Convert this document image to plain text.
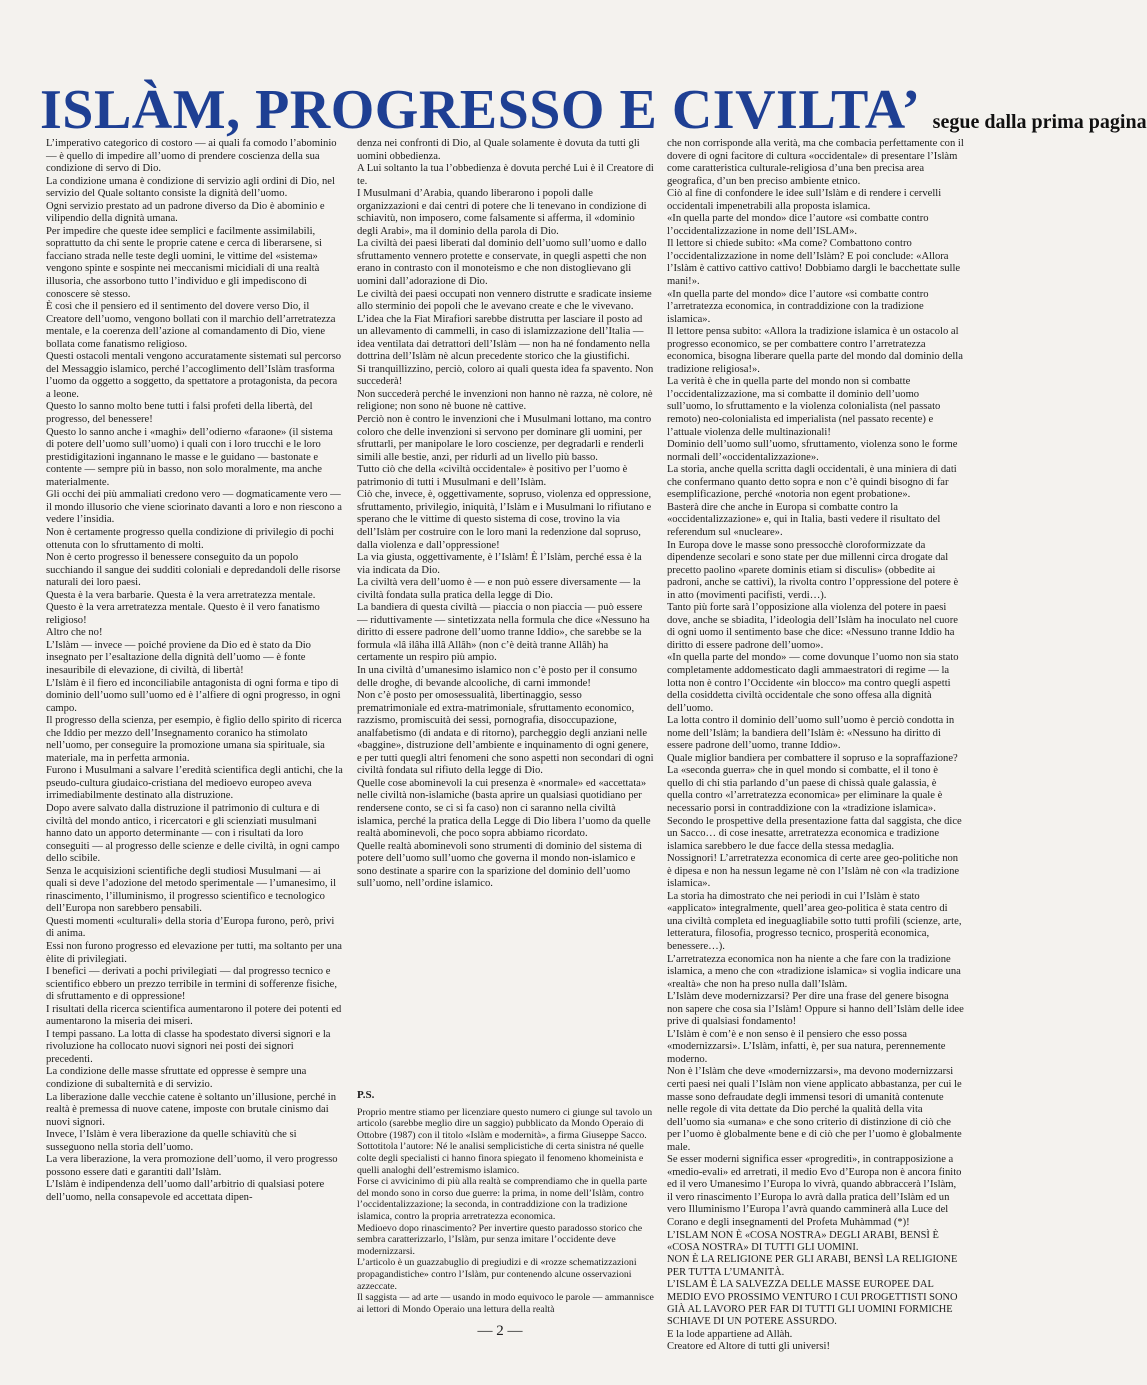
ISLÀM, PROGRESSO E CIVILTA’ segue dalla prima pagina

L’imperativo categorico di costoro — ai quali fa comodo l’abominio — è quello di impedire all’uomo di prendere coscienza della sua condizione di servo di Dio.

La condizione umana è condizione di servizio agli ordini di Dio, nel servizio del Quale soltanto consiste la dignità dell’uomo.

Ogni servizio prestato ad un padrone diverso da Dio è abominio e vilipendio della dignità umana.

Per impedire che queste idee semplici e facilmente assimilabili, soprattutto da chi sente le proprie catene e cerca di liberarsene, si facciano strada nelle teste degli uomini, le vittime del «sistema» vengono spinte e sospinte nei meccanismi micidiali di una realtà illusoria, che assorbono tutto l’individuo e gli impediscono di conoscere sè stesso.

È così che il pensiero ed il sentimento del dovere verso Dio, il Creatore dell’uomo, vengono bollati con il marchio dell’arretratezza mentale, e la coerenza dell’azione al comandamento di Dio, viene bollata come fanatismo religioso.

Questi ostacoli mentali vengono accuratamente sistemati sul percorso del Messaggio islamico, perché l’accoglimento dell’Islàm trasforma l’uomo da oggetto a soggetto, da spettatore a protagonista, da pecora a leone.

Questo lo sanno molto bene tutti i falsi profeti della libertà, del progresso, del benessere!

Questo lo sanno anche i «maghi» dell’odierno «faraone» (il sistema di potere dell’uomo sull’uomo) i quali con i loro trucchi e le loro prestidigitazioni ingannano le masse e le guidano — bastonate e contente — sempre più in basso, non solo moralmente, ma anche materialmente.

Gli occhi dei più ammaliati credono vero — dogmaticamente vero — il mondo illusorio che viene sciorinato davanti a loro e non riescono a vedere l’insidia.

Non è certamente progresso quella condizione di privilegio di pochi ottenuta con lo sfruttamento di molti.

Non è certo progresso il benessere conseguito da un popolo succhiando il sangue dei sudditi coloniali e depredandoli delle risorse naturali dei loro paesi.

Questa è la vera barbarie. Questa è la vera arretratezza mentale. Questo è la vera arretratezza mentale. Questo è il vero fanatismo religioso!

Altro che no!

L’Islàm — invece — poiché proviene da Dio ed è stato da Dio insegnato per l’esaltazione della dignità dell’uomo — è fonte inesauribile di elevazione, di civiltà, di libertà!

L’Islàm è il fiero ed inconciliabile antagonista di ogni forma e tipo di dominio dell’uomo sull’uomo ed è l’alfiere di ogni progresso, in ogni campo.

Il progresso della scienza, per esempio, è figlio dello spirito di ricerca che Iddio per mezzo dell’Insegnamento coranico ha stimolato nell’uomo, per conseguire la promozione umana sia spirituale, sia materiale, ma in perfetta armonia.

Furono i Musulmani a salvare l’eredità scientifica degli antichi, che la pseudo-cultura giudaico-cristiana del medioevo europeo aveva irrimediabilmente destinato alla distruzione.

Dopo avere salvato dalla distruzione il patrimonio di cultura e di civiltà del mondo antico, i ricercatori e gli scienziati musulmani hanno dato un apporto determinante — con i risultati da loro conseguiti — al progresso delle scienze e delle civiltà, in ogni campo dello scibile.

Senza le acquisizioni scientifiche degli studiosi Musulmani — ai quali si deve l’adozione del metodo sperimentale — l’umanesimo, il rinascimento, l’illuminismo, il progresso scientifico e tecnologico dell’Europa non sarebbero pensabili.

Questi momenti «culturali» della storia d’Europa furono, però, privi di anima.

Essi non furono progresso ed elevazione per tutti, ma soltanto per una èlite di privilegiati.

I benefici — derivati a pochi privilegiati — dal progresso tecnico e scientifico ebbero un prezzo terribile in termini di sofferenze fisiche, di sfruttamento e di oppressione!

I risultati della ricerca scientifica aumentarono il potere dei potenti ed aumentarono la miseria dei miseri.

I tempi passano. La lotta di classe ha spodestato diversi signori e la rivoluzione ha collocato nuovi signori nei posti dei signori precedenti.

La condizione delle masse sfruttate ed oppresse è sempre una condizione di subalternità e di servizio.

La liberazione dalle vecchie catene è soltanto un’illusione, perché in realtà è premessa di nuove catene, imposte con brutale cinismo dai nuovi signori.

Invece, l’Islàm è vera liberazione da quelle schiavitù che si susseguono nella storia dell’uomo.

La vera liberazione, la vera promozione dell’uomo, il vero progresso possono essere dati e garantiti dall’Islàm.

L’Islàm è indipendenza dell’uomo dall’arbitrio di qualsiasi potere dell’uomo, nella consapevole ed accettata dipen-

denza nei confronti di Dio, al Quale solamente è dovuta da tutti gli uomini obbedienza.

A Lui soltanto la tua l’obbedienza è dovuta perché Lui è il Creatore di te.

I Musulmani d’Arabia, quando liberarono i popoli dalle organizzazioni e dai centri di potere che li tenevano in condizione di schiavitù, non imposero, come falsamente si afferma, il «dominio degli Arabi», ma il dominio della parola di Dio.

La civiltà dei paesi liberati dal dominio dell’uomo sull’uomo e dallo sfruttamento vennero protette e conservate, in quegli aspetti che non erano in contrasto con il monoteismo e che non distoglievano gli uomini dall’adorazione di Dio.

Le civiltà dei paesi occupati non vennero distrutte e sradicate insieme allo sterminio dei popoli che le avevano create e che le vivevano.

L’idea che la Fiat Mirafiori sarebbe distrutta per lasciare il posto ad un allevamento di cammelli, in caso di islamizzazione dell’Italia — idea ventilata dai detrattori dell’Islàm — non ha né fondamento nella dottrina dell’Islàm nè alcun precedente storico che la giustifichi.

Si tranquillizzino, perciò, coloro ai quali questa idea fa spavento. Non succederà!

Non succederà perché le invenzioni non hanno nè razza, nè colore, nè religione; non sono nè buone nè cattive.

Perciò non è contro le invenzioni che i Musulmani lottano, ma contro coloro che delle invenzioni si servono per dominare gli uomini, per sfruttarli, per manipolare le loro coscienze, per degradarli e renderli simili alle bestie, anzi, per ridurli ad un livello più basso.

Tutto ciò che della «civiltà occidentale» è positivo per l’uomo è patrimonio di tutti i Musulmani e dell’Islàm.

Ciò che, invece, è, oggettivamente, sopruso, violenza ed oppressione, sfruttamento, privilegio, iniquità, l’Islàm e i Musulmani lo rifiutano e sperano che le vittime di questo sistema di cose, trovino la via dell’Islàm per costruire con le loro mani la redenzione dal sopruso, dalla violenza e dall’oppressione!

La via giusta, oggettivamente, è l’Islàm! È l’Islàm, perché essa è la via indicata da Dio.

La civiltà vera dell’uomo è — e non può essere diversamente — la civiltà fondata sulla pratica della legge di Dio.

La bandiera di questa civiltà — piaccia o non piaccia — può essere — riduttivamente — sintetizzata nella formula che dice «Nessuno ha diritto di essere padrone dell’uomo tranne Iddio», che sarebbe se la formula «lâ ilâha illâ Allâh» (non c’è deità tranne Allâh) ha certamente un respiro più ampio.

In una civiltà d’umanesimo islamico non c’è posto per il consumo delle droghe, di bevande alcooliche, di carni immonde!

Non c’è posto per omosessualità, libertinaggio, sesso prematrimoniale ed extra-matrimoniale, sfruttamento economico, razzismo, promiscuità dei sessi, pornografia, disoccupazione, analfabetismo (di andata e di ritorno), parcheggio degli anziani nelle «baggine», distruzione dell’ambiente e inquinamento di ogni genere, e per tutti quegli altri fenomeni che sono aspetti non secondari di ogni civiltà fondata sul rifiuto della legge di Dio.

Quelle cose abominevoli la cui presenza è «normale» ed «accettata» nelle civiltà non-islamiche (basta aprire un qualsiasi quotidiano per rendersene conto, se ci si fa caso) non ci saranno nella civiltà islamica, perché la pratica della Legge di Dio libera l’uomo da quelle realtà abominevoli, che poco sopra abbiamo ricordato.

Quelle realtà abominevoli sono strumenti di dominio del sistema di potere dell’uomo sull’uomo che governa il mondo non-islamico e sono destinate a sparire con la sparizione del dominio dell’uomo sull’uomo, nell’ordine islamico.

P.S.

Proprio mentre stiamo per licenziare questo numero ci giunge sul tavolo un articolo (sarebbe meglio dire un saggio) pubblicato da Mondo Operaio di Ottobre (1987) con il titolo «Islàm e modernità», a firma Giuseppe Sacco.

Sottotitola l’autore: Né le analisi semplicistiche di certa sinistra né quelle colte degli specialisti ci hanno finora spiegato il fenomeno khomeinista e quelli analoghi dell’estremismo islamico.

Forse ci avvicinimo di più alla realtà se comprendiamo che in quella parte del mondo sono in corso due guerre: la prima, in nome dell’Islàm, contro l’occidentalizzazione; la seconda, in contraddizione con la tradizione islamica, contro la propria arretratezza economica.

Medioevo dopo rinascimento? Per invertire questo paradosso storico che sembra caratterizzarlo, l’Islàm, pur senza imitare l’occidente deve modernizzarsi.

L’articolo è un guazzabuglio di pregiudizi e di «rozze schematizzazioni propagandistiche» contro l’Islàm, pur contenendo alcune osservazioni azzeccate.

Il saggista — ad arte — usando in modo equivoco le parole — ammannisce ai lettori di Mondo Operaio una lettura della realtà

che non corrisponde alla verità, ma che combacia perfettamente con il dovere di ogni facitore di cultura «occidentale» di presentare l’Islàm come caratteristica culturale-religiosa d’una ben precisa area geografica, d’un ben preciso ambiente etnico.

Ciò al fine di confondere le idee sull’Islàm e di rendere i cervelli occidentali impenetrabili alla proposta islamica.

«In quella parte del mondo» dice l’autore «si combatte contro l’occidentalizzazione in nome dell’ISLAM».

Il lettore si chiede subito: «Ma come? Combattono contro l’occidentalizzazione in nome dell’Islàm? E poi conclude: «Allora l’Islàm è cattivo cattivo cattivo! Dobbiamo dargli le bacchettate sulle mani!».

«In quella parte del mondo» dice l’autore «si combatte contro l’arretratezza economica, in contraddizione con la tradizione islamica».

Il lettore pensa subito: «Allora la tradizione islamica è un ostacolo al progresso economico, se per combattere contro l’arretratezza economica, bisogna liberare quella parte del mondo dal dominio della tradizione religiosa!».

La verità è che in quella parte del mondo non si combatte l’occidentalizzazione, ma si combatte il dominio dell’uomo sull’uomo, lo sfruttamento e la violenza colonialista (nel passato remoto) neo-colonialista ed imperialista (nel passato recente) e l’attuale violenza delle multinazionali!

Dominio dell’uomo sull’uomo, sfruttamento, violenza sono le forme normali dell’«occidentalizzazione».

La storia, anche quella scritta dagli occidentali, è una miniera di dati che confermano quanto detto sopra e non c’è quindi bisogno di far esemplificazione, perché «notoria non egent probatione».

Basterà dire che anche in Europa si combatte contro la «occidentalizzazione» e, qui in Italia, basti vedere il risultato del referendum sul «nucleare».

In Europa dove le masse sono pressocchè cloroformizzate da dipendenze secolari e sono state per due millenni circa drogate dal precetto paolino «parete dominis etiam si disculis» (obbedite ai padroni, anche se cattivi), la rivolta contro l’oppressione del potere è in atto (movimenti pacifisti, verdi…).

Tanto più forte sarà l’opposizione alla violenza del potere in paesi dove, anche se sbiadita, l’ideologia dell’Islàm ha inoculato nel cuore di ogni uomo il sentimento base che dice: «Nessuno tranne Iddio ha diritto di essere padrone dell’uomo».

«In quella parte del mondo» — come dovunque l’uomo non sia stato completamente addomesticato dagli ammaestratori di regime — la lotta non è contro l’Occidente «in blocco» ma contro quegli aspetti della cosiddetta civiltà occidentale che sono offesa alla dignità dell’uomo.

La lotta contro il dominio dell’uomo sull’uomo è perciò condotta in nome dell’Islàm; la bandiera dell’Islàm è: «Nessuno ha diritto di essere padrone dell’uomo, tranne Iddio».

Quale miglior bandiera per combattere il sopruso e la sopraffazione?

La «seconda guerra» che in quel mondo si combatte, el il tono è quello di chi stia parlando d’un paese di chissà quale galassia, è quella contro «l’arretratezza economica» per eliminare la quale è necessario porsi in contraddizione con la «tradizione islamica».

Secondo le prospettive della presentazione fatta dal saggista, che dice un Sacco… di cose inesatte, arretratezza economica e tradizione islamica sarebbero le due facce della stessa medaglia.

Nossignori! L’arretratezza economica di certe aree geo-politiche non è dipesa e non ha nessun legame nè con l’Islàm nè con «la tradizione islamica».

La storia ha dimostrato che nei periodi in cui l’Islàm è stato «applicato» integralmente, quell’area geo-politica è stata centro di una civiltà completa ed ineguagliabile sotto tutti profili (scienze, arte, letteratura, filosofia, progresso tecnico, prosperità economica, benessere…).

L’arretratezza economica non ha niente a che fare con la tradizione islamica, a meno che con «tradizione islamica» si voglia indicare una «realtà» che non ha preso nulla dall’Islàm.

L’Islàm deve modernizzarsi? Per dire una frase del genere bisogna non sapere che cosa sia l’Islàm! Oppure si hanno dell’Islàm delle idee prive di qualsiasi fondamento!

L’Islàm è com’è e non senso è il pensiero che esso possa «modernizzarsi». L’Islàm, infatti, è, per sua natura, perennemente moderno.

Non è l’Islàm che deve «modernizzarsi», ma devono modernizzarsi certi paesi nei quali l’Islàm non viene applicato abbastanza, per cui le masse sono defraudate degli immensi tesori di umanità contenute nelle regole di vita dettate da Dio perché la qualità della vita dell’uomo sia «umana» e che sono criterio di distinzione di ciò che per l’uomo è globalmente bene e di ciò che per l’uomo è globalmente male.

Se esser moderni significa esser «progrediti», in contrapposizione a «medio-evali» ed arretrati, il medio Evo d’Europa non è ancora finito ed il vero Umanesimo l’Europa lo vivrà, quando abbraccerà l’Islàm, il vero rinascimento l’Europa lo avrà dalla pratica dell’Islàm ed un vero Illuminismo l’Europa l’avrà quando camminerà alla Luce del Corano e degli insegnamenti del Profeta Muhàmmad (*)!

L’ISLAM NON È «COSA NOSTRA» DEGLI ARABI, BENSÌ È «COSA NOSTRA» DI TUTTI GLI UOMINI.

NON È LA RELIGIONE PER GLI ARABI, BENSÌ LA RELIGIONE PER TUTTA L’UMANITÀ.

L’ISLAM È LA SALVEZZA DELLE MASSE EUROPEE DAL MEDIO EVO PROSSIMO VENTURO I CUI PROGETTISTI SONO GIÀ AL LAVORO PER FAR DI TUTTI GLI UOMINI FORMICHE SCHIAVE DI UN POTERE ASSURDO.

E la lode appartiene ad Allàh.

Creatore ed Altore di tutti gli universi!

— 2 —
